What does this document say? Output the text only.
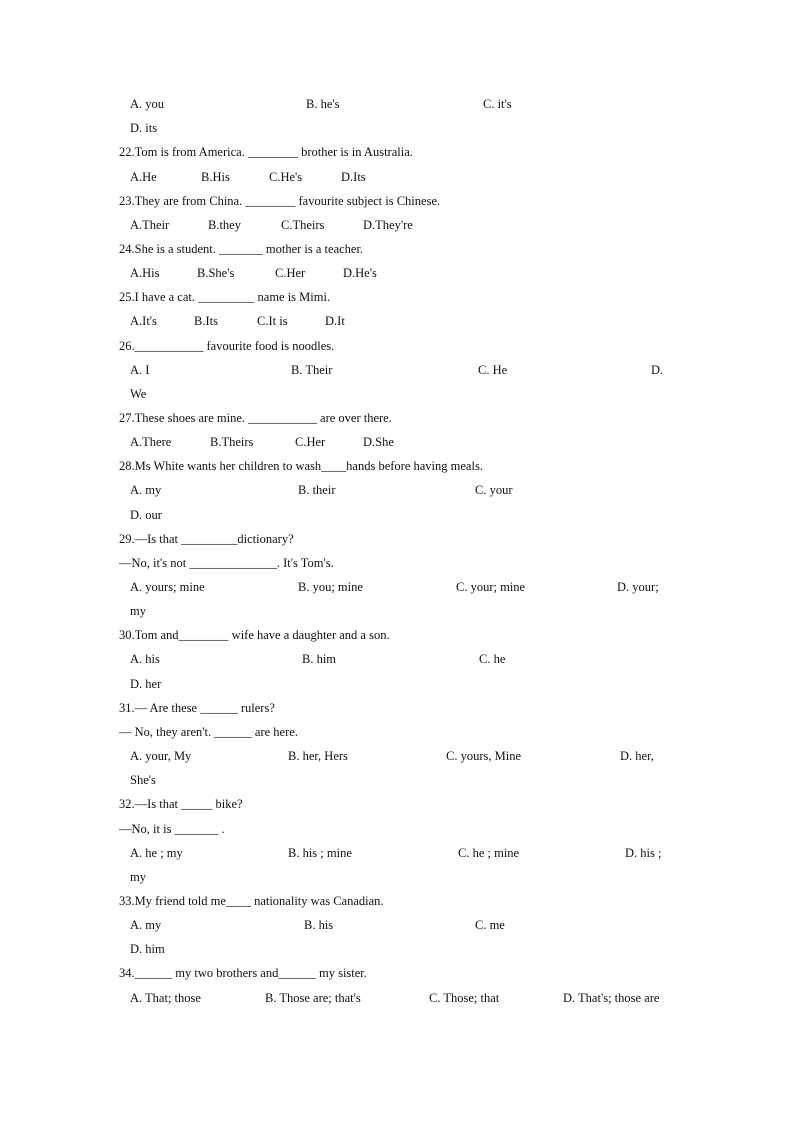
A. you	B. he's	C. it's
D. its
22.Tom is from America. ________ brother is in Australia.
A.He	B.His	C.He's	D.Its
23.They are from China. ________ favourite subject is Chinese.
A.Their	B.they	C.Theirs	D.They're
24.She is a student. _______ mother is a teacher.
A.His	B.She's	C.Her	D.He's
25.I have a cat. _________ name is Mimi.
A.It's	B.Its	C.It is	D.It
26.___________ favourite food is noodles.
A. I	B. Their	C. He	D.
We
27.These shoes are mine. ___________ are over there.
A.There	B.Theirs	C.Her	D.She
28.Ms White wants her children to wash____hands before having meals.
A. my	B. their	C. your
D. our
29.—Is that _________dictionary?
—No, it's not ______________. It's Tom's.
A. yours; mine	B. you; mine	C. your; mine	D. your;
my
30.Tom and________ wife have a daughter and a son.
A. his	B. him	C. he
D. her
31.— Are these ______ rulers?
— No, they aren't. ______ are here.
A. your, My	B. her, Hers	C. yours, Mine	D. her,
She's
32.—Is that _____ bike?
—No, it is _______ .
A. he ; my	B. his ; mine	C. he ; mine	D. his ;
my
33.My friend told me____ nationality was Canadian.
A. my	B. his	C. me
D. him
34.______ my two brothers and______ my sister.
A. That; those	B. Those are; that's	C. Those; that	D. That's; those are
